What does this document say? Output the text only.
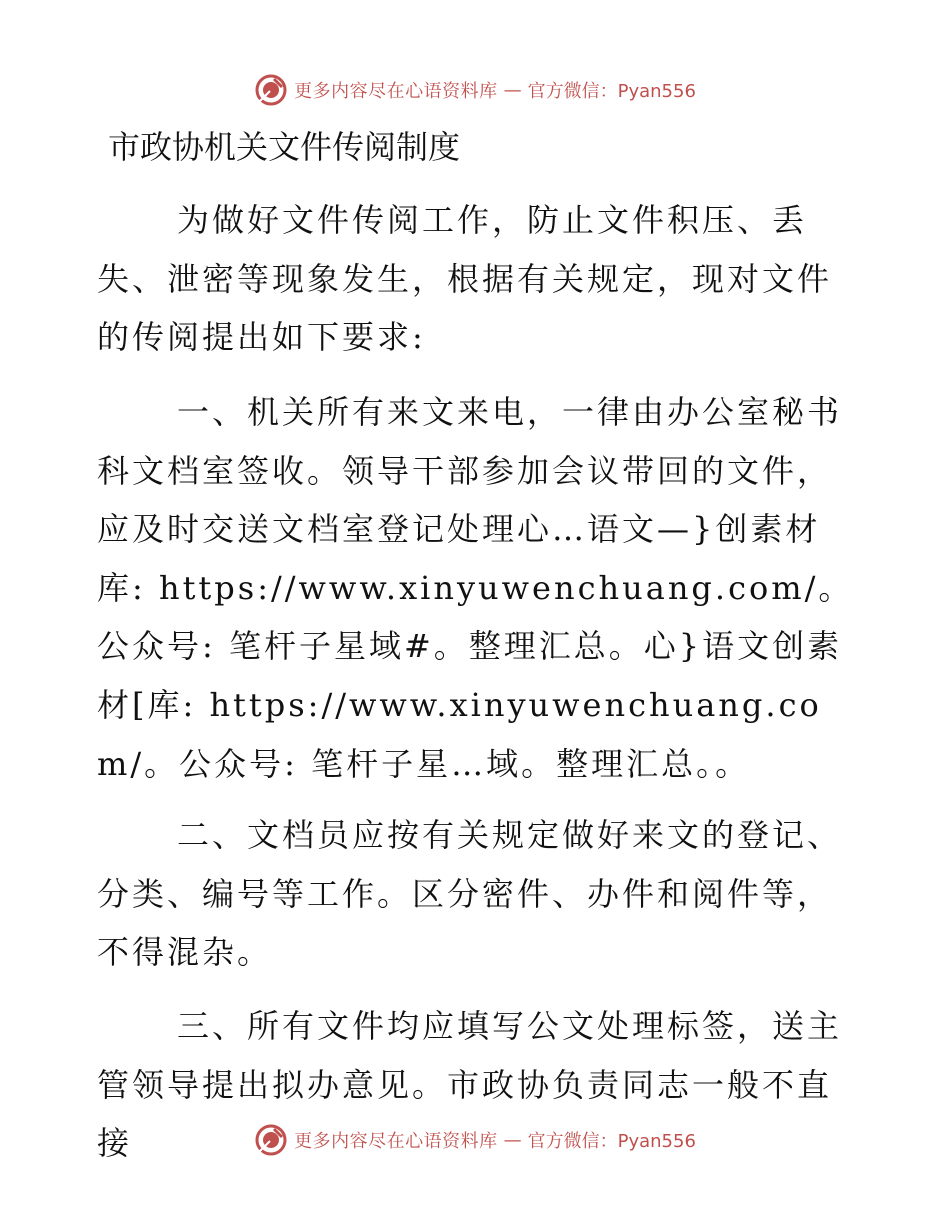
更多内容尽在心语资料库 — 官方微信：Pyan556
市政协机关文件传阅制度

为做好文件传阅工作，防止文件积压、丢失、泄密等现象发生，根据有关规定，现对文件的传阅提出如下要求:

一、机关所有来文来电，一律由办公室秘书科文档室签收。领导干部参加会议带回的文件，应及时交送文档室登记处理心…语文—}创素材库: https://www.xinyuwenchuang.com/。公众号: 笔杆子星域#。整理汇总。心}语文创素材[库: https://www.xinyuwenchuang.com/。公众号: 笔杆子星…域。整理汇总。。

二、文档员应按有关规定做好来文的登记、分类、编号等工作。区分密件、办件和阅件等，不得混杂。

三、所有文件均应填写公文处理标签，送主管领导提出拟办意见。市政协负责同志一般不直接	更多内容尽在心语资料库 — 官方微信：Pyan556
